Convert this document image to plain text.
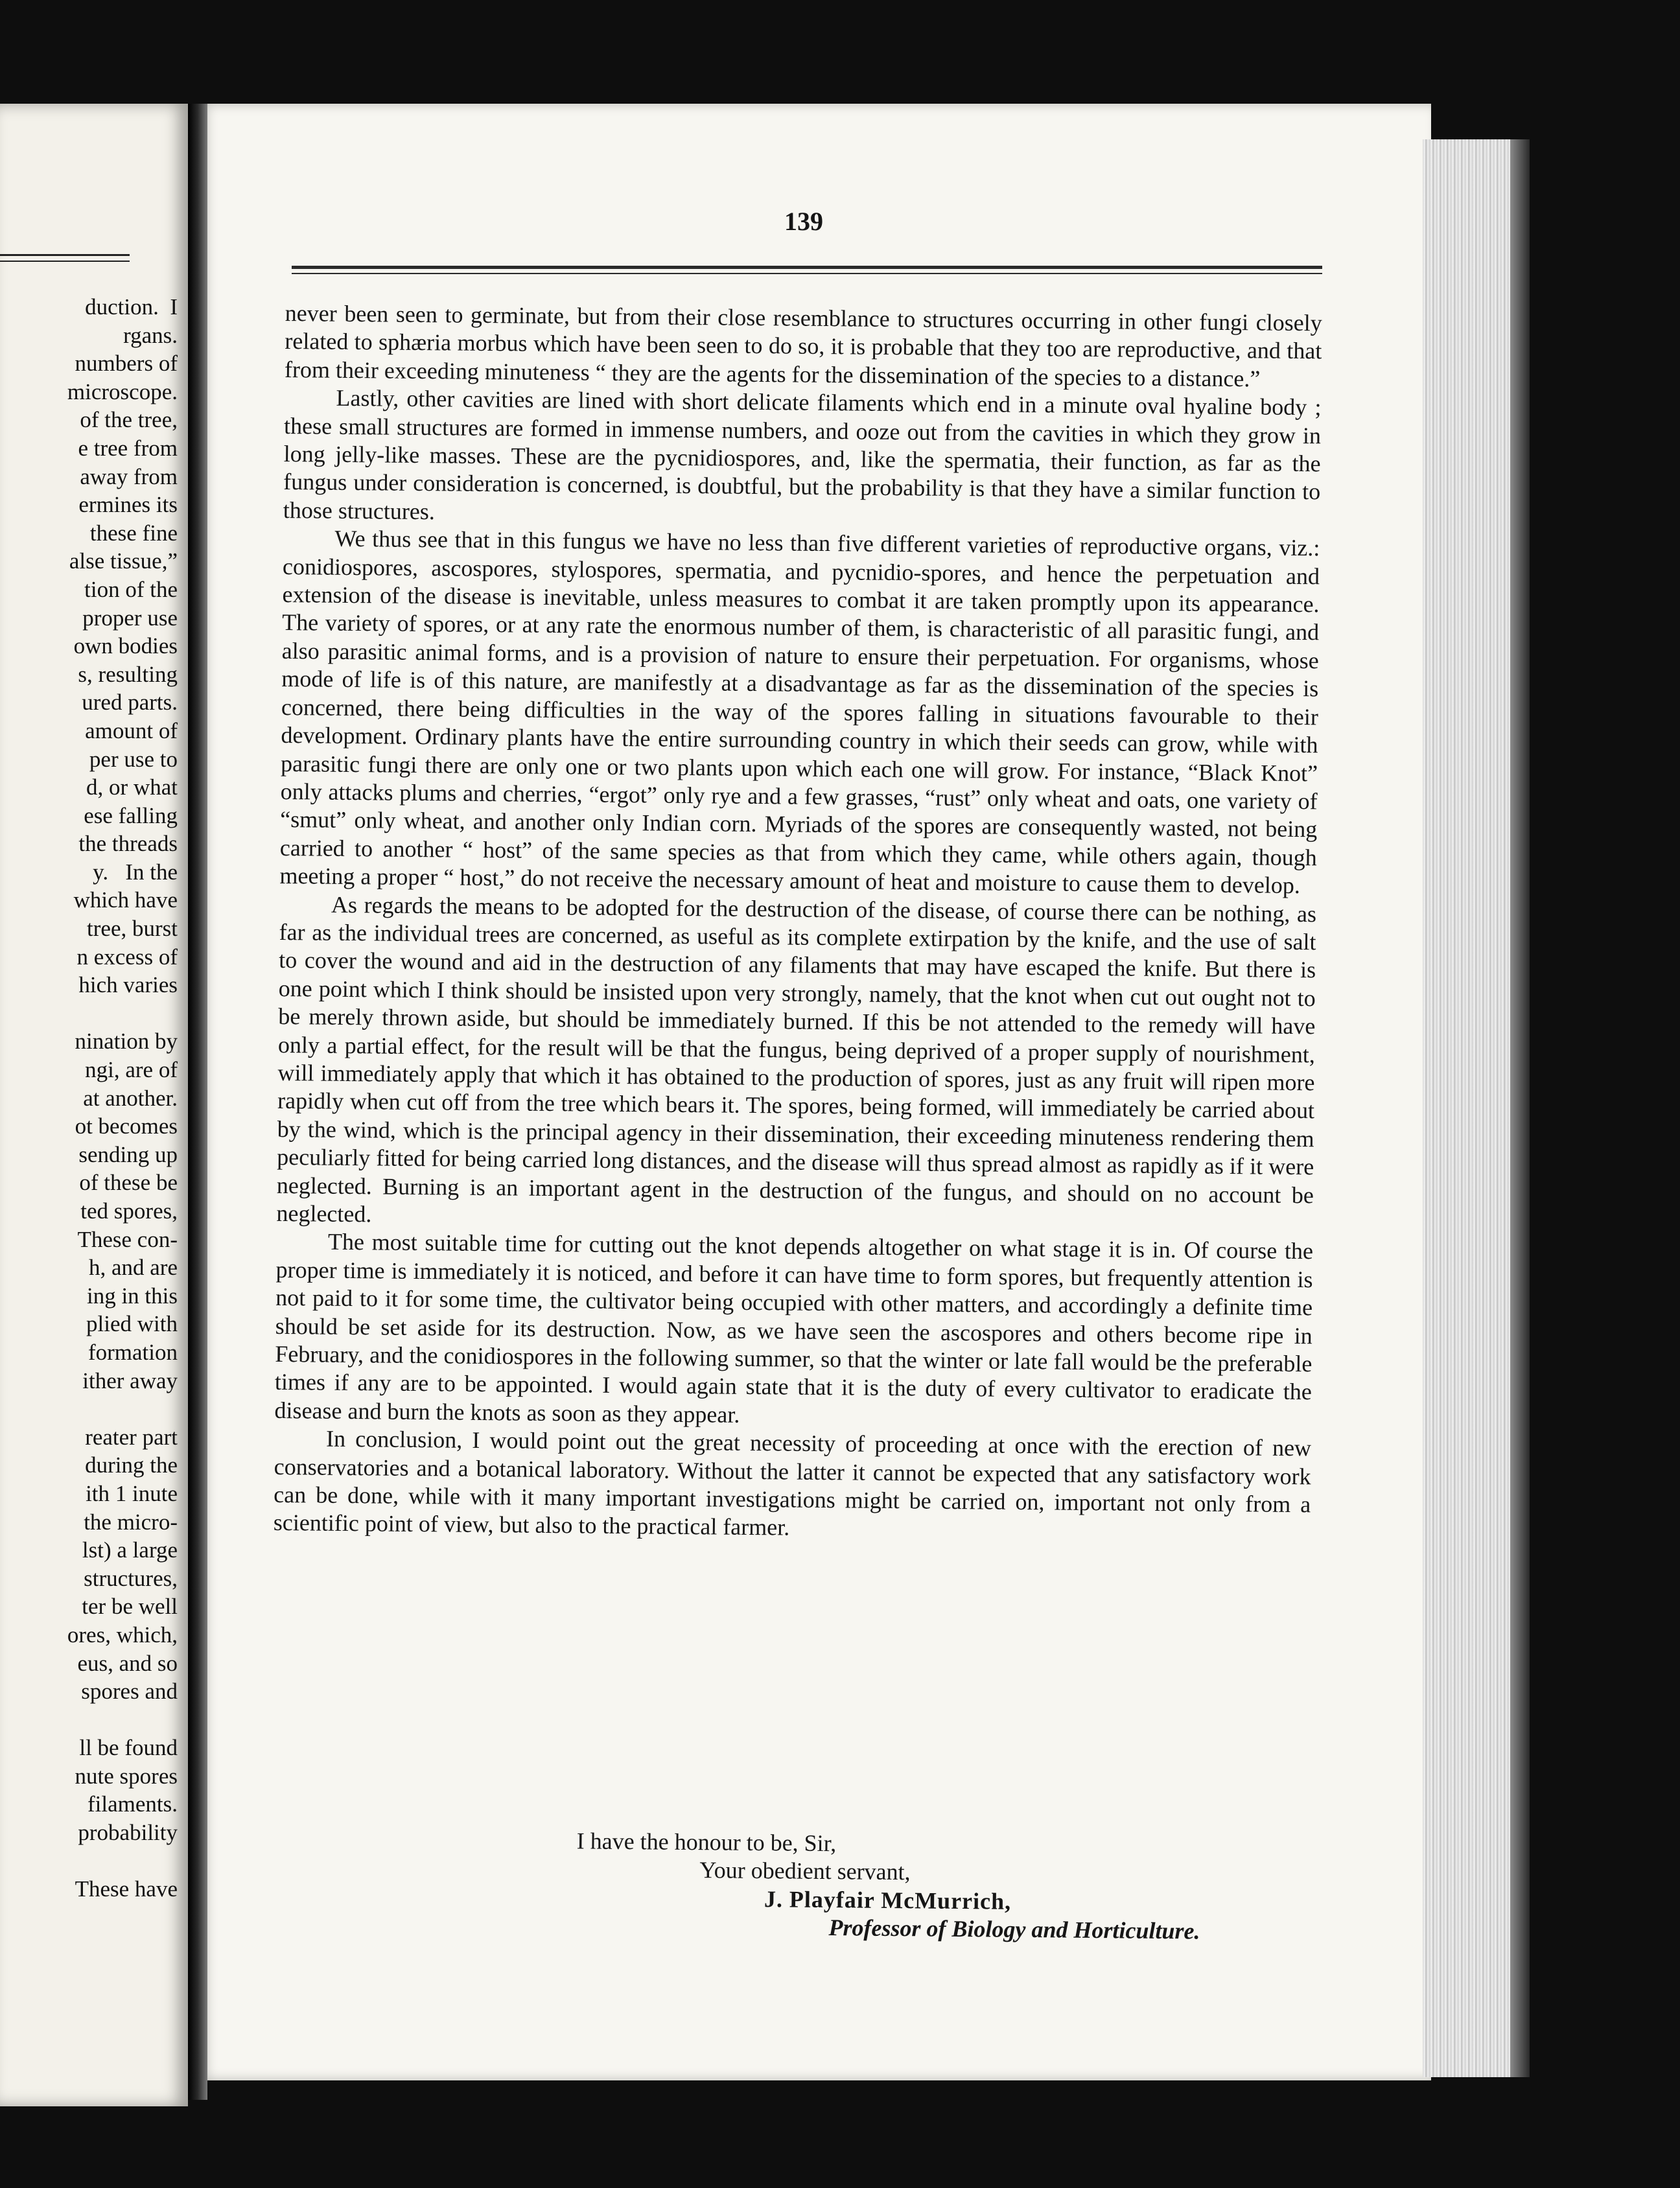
duction.  I
rgans.
numbers of
microscope.
of the tree,
e tree from
away from
ermines its
these fine
alse tissue,”
tion of the
proper use
own bodies
s, resulting
ured parts.
amount of
per use to
d, or what
ese falling
the threads
y.   In the
which have
tree, burst
n excess of
hich varies
nination by
ngi, are of
at another.
ot becomes
sending up
of these be
ted spores,
These con-
h, and are
ing in this
plied with
formation
ither away
reater part
during the
ith 1 inute
the micro-
lst) a large
structures,
ter be well
ores, which,
eus, and so
spores and
ll be found
nute spores
filaments.
probability
These have
139

never been seen to germinate, but from their close resemblance to structures occurring in other fungi closely related to sphæria morbus which have been seen to do so, it is probable that they too are reproductive, and that from their exceeding minuteness “ they are the agents for the dissemination of the species to a distance.”

Lastly, other cavities are lined with short delicate filaments which end in a minute oval hyaline body ; these small structures are formed in immense numbers, and ooze out from the cavities in which they grow in long jelly-like masses. These are the pycnidiospores, and, like the spermatia, their function, as far as the fungus under consideration is concerned, is doubtful, but the probability is that they have a similar function to those structures.

We thus see that in this fungus we have no less than five different varieties of reproductive organs, viz.: conidiospores, ascospores, stylospores, spermatia, and pycnidio-spores, and hence the perpetuation and extension of the disease is inevitable, unless measures to combat it are taken promptly upon its appearance. The variety of spores, or at any rate the enormous number of them, is characteristic of all parasitic fungi, and also parasitic animal forms, and is a provision of nature to ensure their perpetuation. For organisms, whose mode of life is of this nature, are manifestly at a disadvantage as far as the dissemination of the species is concerned, there being difficulties in the way of the spores falling in situations favourable to their development. Ordinary plants have the entire surrounding country in which their seeds can grow, while with parasitic fungi there are only one or two plants upon which each one will grow. For instance, “Black Knot” only attacks plums and cherries, “ergot” only rye and a few grasses, “rust” only wheat and oats, one variety of “smut” only wheat, and another only Indian corn. Myriads of the spores are consequently wasted, not being carried to another “ host” of the same species as that from which they came, while others again, though meeting a proper “ host,” do not receive the necessary amount of heat and moisture to cause them to develop.

As regards the means to be adopted for the destruction of the disease, of course there can be nothing, as far as the individual trees are concerned, as useful as its complete extirpation by the knife, and the use of salt to cover the wound and aid in the destruction of any filaments that may have escaped the knife. But there is one point which I think should be insisted upon very strongly, namely, that the knot when cut out ought not to be merely thrown aside, but should be immediately burned. If this be not attended to the remedy will have only a partial effect, for the result will be that the fungus, being deprived of a proper supply of nourishment, will immediately apply that which it has obtained to the production of spores, just as any fruit will ripen more rapidly when cut off from the tree which bears it. The spores, being formed, will immediately be carried about by the wind, which is the principal agency in their dissemination, their exceeding minuteness rendering them peculiarly fitted for being carried long distances, and the disease will thus spread almost as rapidly as if it were neglected. Burning is an important agent in the destruction of the fungus, and should on no account be neglected.

The most suitable time for cutting out the knot depends altogether on what stage it is in. Of course the proper time is immediately it is noticed, and before it can have time to form spores, but frequently attention is not paid to it for some time, the cultivator being occupied with other matters, and accordingly a definite time should be set aside for its destruction. Now, as we have seen the ascospores and others become ripe in February, and the conidiospores in the following summer, so that the winter or late fall would be the preferable times if any are to be appointed. I would again state that it is the duty of every cultivator to eradicate the disease and burn the knots as soon as they appear.

In conclusion, I would point out the great necessity of proceeding at once with the erection of new conservatories and a botanical laboratory. Without the latter it cannot be expected that any satisfactory work can be done, while with it many important investigations might be carried on, important not only from a scientific point of view, but also to the practical farmer.

I have the honour to be, Sir,
Your obedient servant,
J. Playfair McMurrich,
Professor of Biology and Horticulture.
